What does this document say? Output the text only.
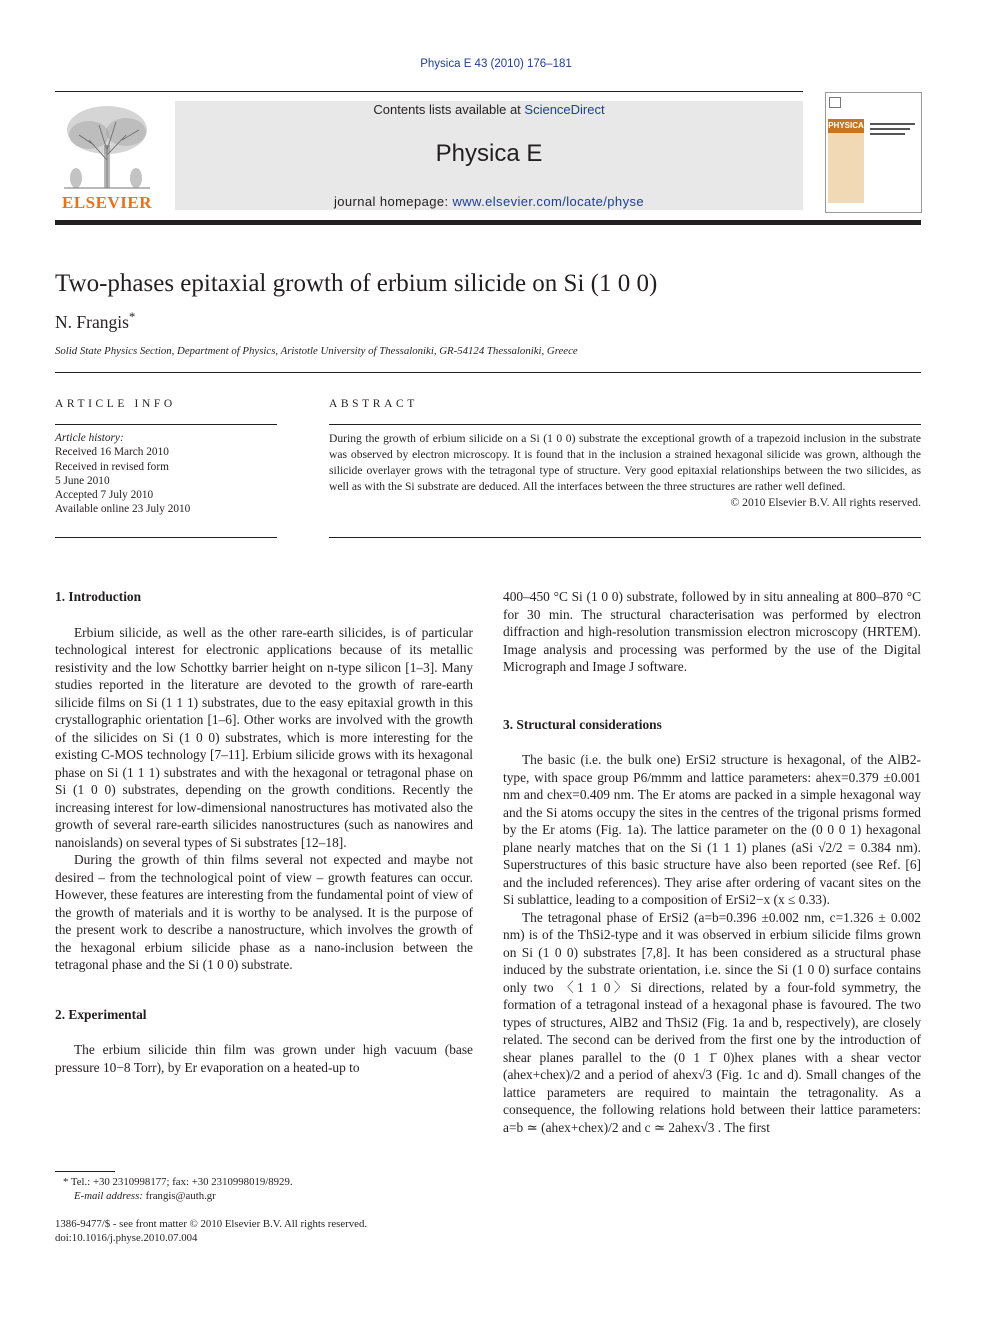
Physica E 43 (2010) 176–181
ELSEVIER
Contents lists available at ScienceDirect
Physica E
journal homepage: www.elsevier.com/locate/physe
PHYSICA
Two-phases epitaxial growth of erbium silicide on Si (1 0 0)
N. Frangis*
Solid State Physics Section, Department of Physics, Aristotle University of Thessaloniki, GR-54124 Thessaloniki, Greece
ARTICLE INFO
Article history:
Received 16 March 2010
Received in revised form
5 June 2010
Accepted 7 July 2010
Available online 23 July 2010
ABSTRACT
During the growth of erbium silicide on a Si (1 0 0) substrate the exceptional growth of a trapezoid inclusion in the substrate was observed by electron microscopy. It is found that in the inclusion a strained hexagonal silicide was grown, although the silicide overlayer grows with the tetragonal type of structure. Very good epitaxial relationships between the two silicides, as well as with the Si substrate are deduced. All the interfaces between the three structures are rather well defined.
© 2010 Elsevier B.V. All rights reserved.
1. Introduction

Erbium silicide, as well as the other rare-earth silicides, is of particular technological interest for electronic applications because of its metallic resistivity and the low Schottky barrier height on n-type silicon [1–3]. Many studies reported in the literature are devoted to the growth of rare-earth silicide films on Si (1 1 1) substrates, due to the easy epitaxial growth in this crystallographic orientation [1–6]. Other works are involved with the growth of the silicides on Si (1 0 0) substrates, which is more interesting for the existing C-MOS technology [7–11]. Erbium silicide grows with its hexagonal phase on Si (1 1 1) substrates and with the hexagonal or tetragonal phase on Si (1 0 0) substrates, depending on the growth conditions. Recently the increasing interest for low-dimensional nanostructures has motivated also the growth of several rare-earth silicides nanostructures (such as nanowires and nanoislands) on several types of Si substrates [12–18].

During the growth of thin films several not expected and maybe not desired – from the technological point of view – growth features can occur. However, these features are interesting from the fundamental point of view of the growth of materials and it is worthy to be analysed. It is the purpose of the present work to describe a nanostructure, which involves the growth of the hexagonal erbium silicide phase as a nano-inclusion between the tetragonal phase and the Si (1 0 0) substrate.

2. Experimental

The erbium silicide thin film was grown under high vacuum (base pressure 10−8 Torr), by Er evaporation on a heated-up to

* Tel.: +30 2310998177; fax: +30 2310998019/8929.
E-mail address: frangis@auth.gr
1386-9477/$ - see front matter © 2010 Elsevier B.V. All rights reserved.
doi:10.1016/j.physe.2010.07.004

400–450 °C Si (1 0 0) substrate, followed by in situ annealing at 800–870 °C for 30 min. The structural characterisation was performed by electron diffraction and high-resolution transmission electron microscopy (HRTEM). Image analysis and processing was performed by the use of the Digital Micrograph and Image J software.

3. Structural considerations

The basic (i.e. the bulk one) ErSi2 structure is hexagonal, of the AlB2-type, with space group P6/mmm and lattice parameters: ahex=0.379 ±0.001 nm and chex=0.409 nm. The Er atoms are packed in a simple hexagonal way and the Si atoms occupy the sites in the centres of the trigonal prisms formed by the Er atoms (Fig. 1a). The lattice parameter on the (0 0 0 1) hexagonal plane nearly matches that on the Si (1 1 1) planes (aSi √2/2 = 0.384 nm). Superstructures of this basic structure have also been reported (see Ref. [6] and the included references). They arise after ordering of vacant sites on the Si sublattice, leading to a composition of ErSi2−x (x ≤ 0.33).

The tetragonal phase of ErSi2 (a=b=0.396 ±0.002 nm, c=1.326 ± 0.002 nm) is of the ThSi2-type and it was observed in erbium silicide films grown on Si (1 0 0) substrates [7,8]. It has been considered as a structural phase induced by the substrate orientation, i.e. since the Si (1 0 0) surface contains only two 〈1 1 0〉Si directions, related by a four-fold symmetry, the formation of a tetragonal instead of a hexagonal phase is favoured. The two types of structures, AlB2 and ThSi2 (Fig. 1a and b, respectively), are closely related. The second can be derived from the first one by the introduction of shear planes parallel to the (0 1 1̄ 0)hex planes with a shear vector (ahex+chex)/2 and a period of ahex√3 (Fig. 1c and d). Small changes of the lattice parameters are required to maintain the tetragonality. As a consequence, the following relations hold between their lattice parameters: a=b ≃ (ahex+chex)/2 and c ≃ 2ahex√3 . The first
